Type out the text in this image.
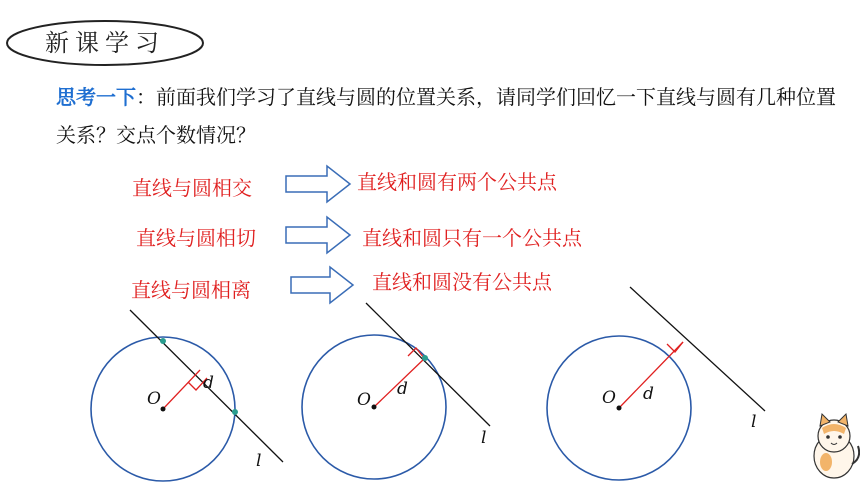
新课学习
思考一下：前面我们学习了直线与圆的位置关系，请同学们回忆一下直线与圆有几种位置关系？交点个数情况？
直线与圆相交	直线和圆有两个公共点
直线与圆相切	直线和圆只有一个公共点
直线与圆相离	直线和圆没有公共点
O
d
l
O
d
l
O d
l
